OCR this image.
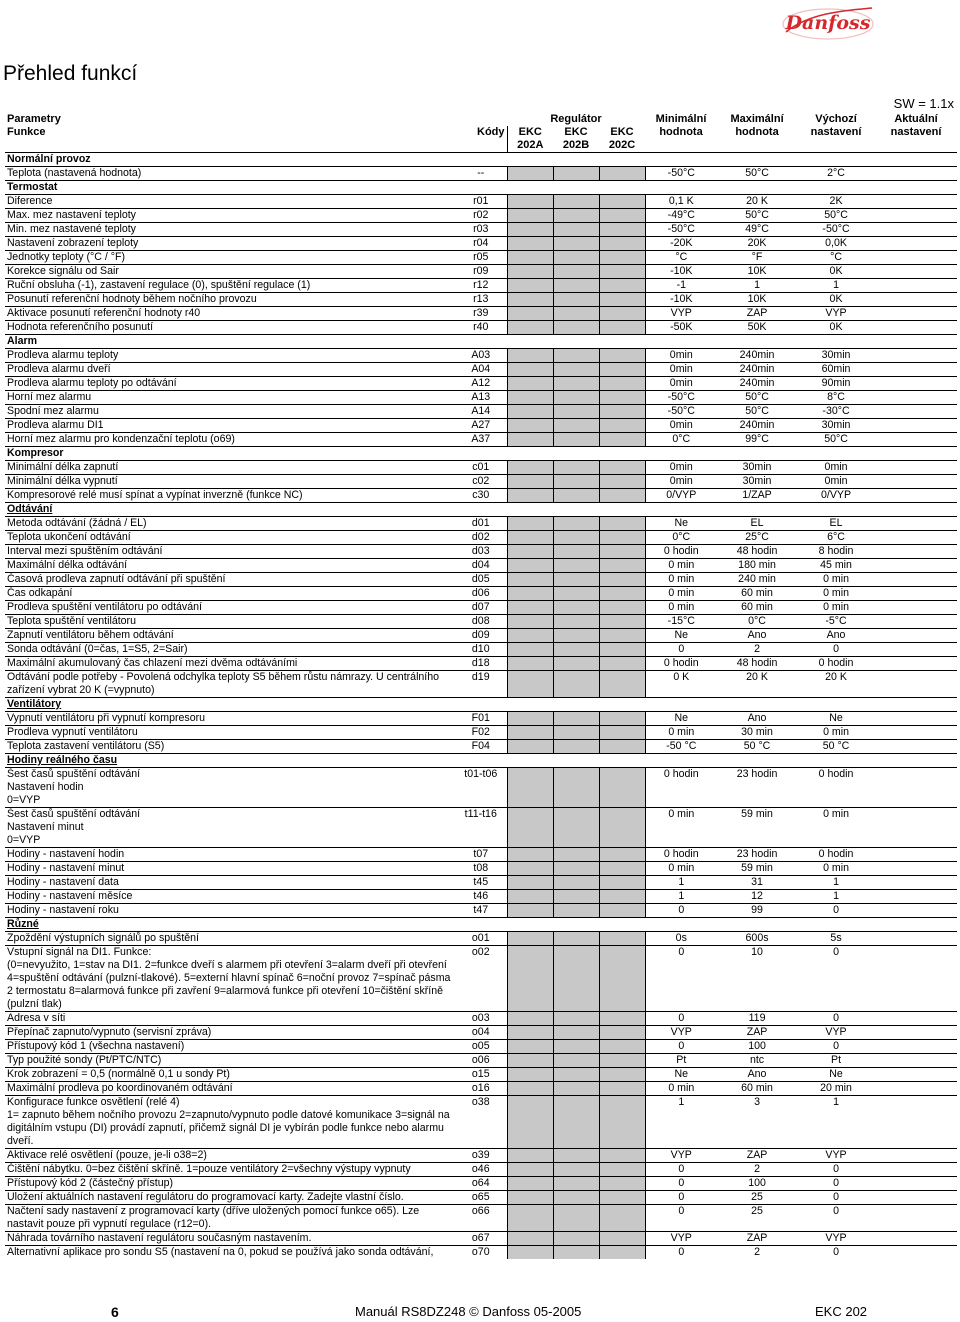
Danfoss
Přehled funkcí
SW = 1.1x
Parametry		Regulátor			Minimální	Maximální	Výchozí	Aktuální
Funkce	Kódy	EKC	EKC	EKC	hodnota	hodnota	nastavení	nastavení
		202A	202B	202C				
Normální provoz								
Teplota (nastavená hodnota)	--				-50°C	50°C	2°C	
Termostat								
Diference	r01				0,1 K	20 K	2K	
Max. mez nastavení teploty	r02				-49°C	50°C	50°C	
Min. mez nastavené teploty	r03				-50°C	49°C	-50°C	
Nastavení zobrazení teploty	r04				-20K	20K	0,0K	
Jednotky teploty (°C / °F)	r05				°C	°F	°C	
Korekce signálu od Sair	r09				-10K	10K	0K	
Ruční obsluha (-1), zastavení regulace (0), spuštění regulace (1)	r12				-1	1	1	
Posunutí referenční hodnoty během nočního provozu	r13				-10K	10K	0K	
Aktivace posunutí referenční hodnoty r40	r39				VYP	ZAP	VYP	
Hodnota referenčního posunutí	r40				-50K	50K	0K	
Alarm								
Prodleva alarmu teploty	A03				0min	240min	30min	
Prodleva alarmu dveří	A04				0min	240min	60min	
Prodleva alarmu teploty po odtávání	A12				0min	240min	90min	
Horní mez alarmu	A13				-50°C	50°C	8°C	
Spodní mez alarmu	A14				-50°C	50°C	-30°C	
Prodleva alarmu DI1	A27				0min	240min	30min	
Horní mez alarmu pro kondenzační teplotu (o69)	A37				0°C	99°C	50°C	
Kompresor								
Minimální délka zapnutí	c01				0min	30min	0min	
Minimální délka vypnutí	c02				0min	30min	0min	
Kompresorové relé musí spínat a vypínat inverzně (funkce NC)	c30				0/VYP	1/ZAP	0/VYP	
Odtávání								
Metoda odtávání (žádná / EL)	d01				Ne	EL	EL	
Teplota ukončení odtávání	d02				0°C	25°C	6°C	
Interval mezi spuštěním odtávání	d03				0 hodin	48 hodin	8 hodin	
Maximální délka odtávání	d04				0 min	180 min	45 min	
Časová prodleva zapnutí odtávání při spuštění	d05				0 min	240 min	0 min	
Čas odkapání	d06				0 min	60 min	0 min	
Prodleva spuštění ventilátoru po odtávání	d07				0 min	60 min	0 min	
Teplota spuštění ventilátoru	d08				-15°C	0°C	-5°C	
Zapnutí ventilátoru během odtávání	d09				Ne	Ano	Ano	
Sonda odtávání (0=čas, 1=S5, 2=Sair)	d10				0	2	0	
Maximální akumulovaný čas chlazení mezi dvěma odtáváními	d18				0 hodin	48 hodin	0 hodin	
Odtávání podle potřeby - Povolená odchylka teploty S5 během růstu námrazy. U centrálního zařízení vybrat 20 K (=vypnuto)	d19				0 K	20 K	20 K	
Ventilátory								
Vypnutí ventilátoru při vypnutí kompresoru	F01				Ne	Ano	Ne	
Prodleva vypnutí ventilátoru	F02				0 min	30 min	0 min	
Teplota zastavení ventilátoru (S5)	F04				-50 °C	50 °C	50 °C	
Hodiny reálného času								
Šest časů spuštění odtávání
Nastavení hodin
0=VYP	t01-t06				0 hodin	23 hodin	0 hodin	
Šest časů spuštění odtávání
Nastavení minut
0=VYP	t11-t16				0 min	59 min	0 min	
Hodiny - nastavení hodin	t07				0 hodin	23 hodin	0 hodin	
Hodiny - nastavení minut	t08				0 min	59 min	0 min	
Hodiny - nastavení data	t45				1	31	1	
Hodiny - nastavení měsíce	t46				1	12	1	
Hodiny - nastavení roku	t47				0	99	0	
Různé								
Zpoždění výstupních signálů po spuštění	o01				0s	600s	5s	
Vstupní signál na DI1. Funkce:
(0=nevyužito, 1=stav na DI1. 2=funkce dveří s alarmem při otevření 3=alarm dveří při otevření 4=spuštění odtávání (pulzní-tlakové). 5=externí hlavní spínač 6=noční provoz 7=spínač pásma 2 termostatu 8=alarmová funkce při zavření 9=alarmová funkce při otevření 10=čištění skříně (pulzní tlak)	o02				0	10	0	
Adresa v síti	o03				0	119	0	
Přepínač zapnuto/vypnuto (servisní zpráva)	o04				VYP	ZAP	VYP	
Přístupový kód 1 (všechna nastavení)	o05				0	100	0	
Typ použité sondy (Pt/PTC/NTC)	o06				Pt	ntc	Pt	
Krok zobrazení = 0,5 (normálně 0,1 u sondy Pt)	o15				Ne	Ano	Ne	
Maximální prodleva po koordinovaném odtávání	o16				0 min	60 min	20 min	
Konfigurace funkce osvětlení (relé 4)
1= zapnuto během nočního provozu 2=zapnuto/vypnuto podle datové komunikace 3=signál na digitálním vstupu (DI) provádí zapnutí, přičemž signál DI je vybírán podle funkce nebo alarmu dveří.	o38				1	3	1	
Aktivace relé osvětlení (pouze, je-li o38=2)	o39				VYP	ZAP	VYP	
Čištění nábytku. 0=bez čištění skříně. 1=pouze ventilátory 2=všechny výstupy vypnuty	o46				0	2	0	
Přístupový kód 2 (částečný přístup)	o64				0	100	0	
Uložení aktuálních nastavení regulátoru do programovací karty. Zadejte vlastní číslo.	o65				0	25	0	
Načtení sady nastavení z programovací karty (dříve uložených pomocí funkce o65). Lze nastavit pouze při vypnutí regulace (r12=0).	o66				0	25	0	
Náhrada továrního nastavení regulátoru současným nastavením.	o67				VYP	ZAP	VYP	
Alternativní aplikace pro sondu S5 (nastavení na 0, pokud se používá jako sonda odtávání,	o70				0	2	0	
6	Manuál RS8DZ248 © Danfoss 05-2005	EKC 202
